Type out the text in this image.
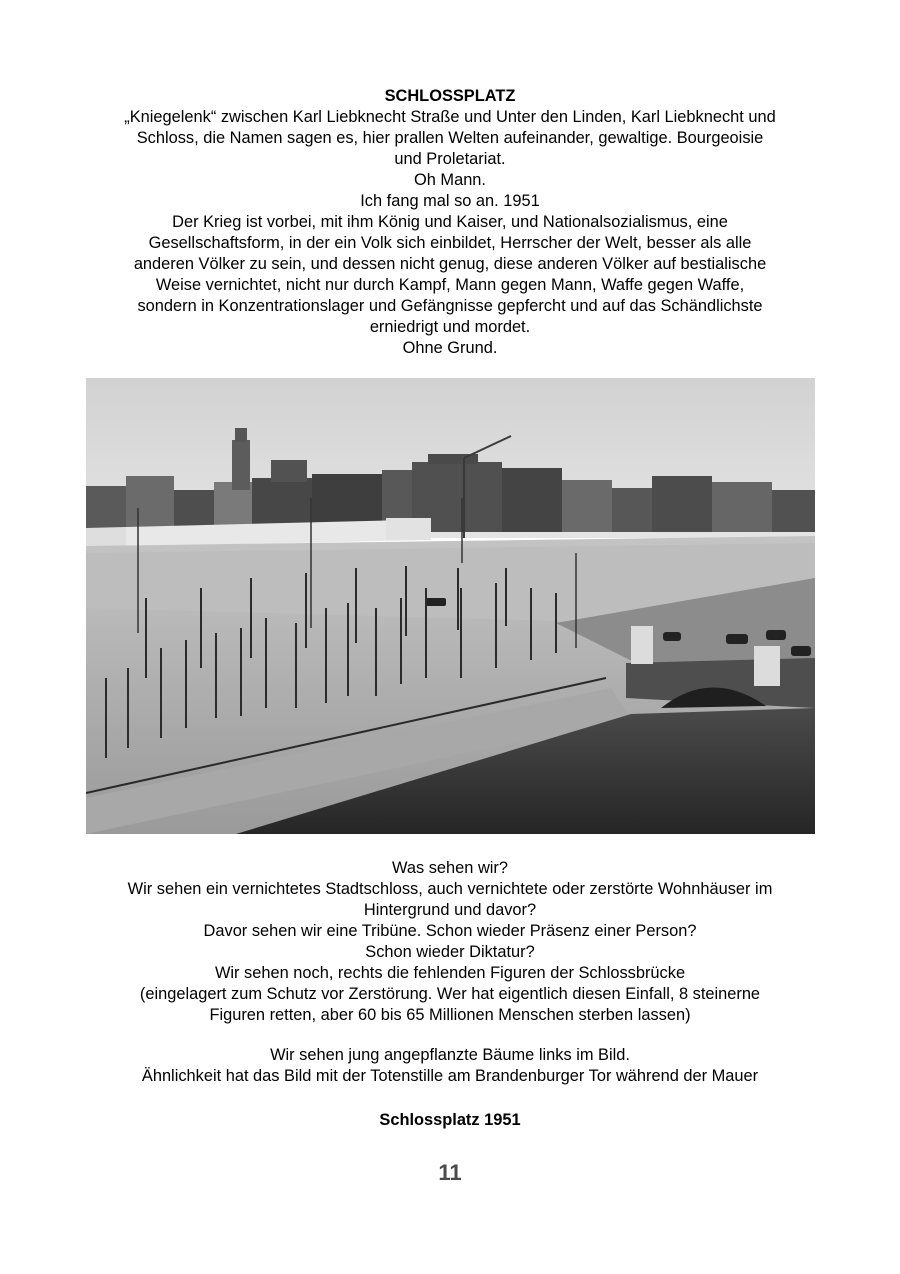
SCHLOSSPLATZ
„Kniegelenk“ zwischen Karl Liebknecht Straße und Unter den Linden, Karl Liebknecht und
Schloss, die Namen sagen es, hier prallen Welten aufeinander, gewaltige. Bourgeoisie
und Proletariat.
Oh Mann.
Ich fang mal so an. 1951
Der Krieg ist vorbei, mit ihm König und Kaiser, und Nationalsozialismus, eine
Gesellschaftsform, in der ein Volk sich einbildet, Herrscher der Welt, besser als alle
anderen Völker zu sein, und dessen nicht genug, diese anderen Völker auf bestialische
Weise vernichtet, nicht nur durch Kampf, Mann gegen Mann, Waffe gegen Waffe,
sondern in Konzentrationslager und Gefängnisse gepfercht und auf das Schändlichste
erniedrigt und mordet.
Ohne Grund.
Was sehen wir?
Wir sehen ein vernichtetes Stadtschloss, auch vernichtete oder zerstörte Wohnhäuser im
Hintergrund und davor?
Davor sehen wir eine Tribüne. Schon wieder Präsenz einer Person?
Schon wieder Diktatur?
Wir sehen noch, rechts die fehlenden Figuren der Schlossbrücke
(eingelagert zum Schutz vor Zerstörung. Wer hat eigentlich diesen Einfall, 8 steinerne
Figuren retten, aber 60 bis 65 Millionen Menschen sterben lassen)
Wir sehen jung angepflanzte Bäume links im Bild.
Ähnlichkeit hat das Bild mit der Totenstille am Brandenburger Tor während der Mauer
Schlossplatz 1951
11
